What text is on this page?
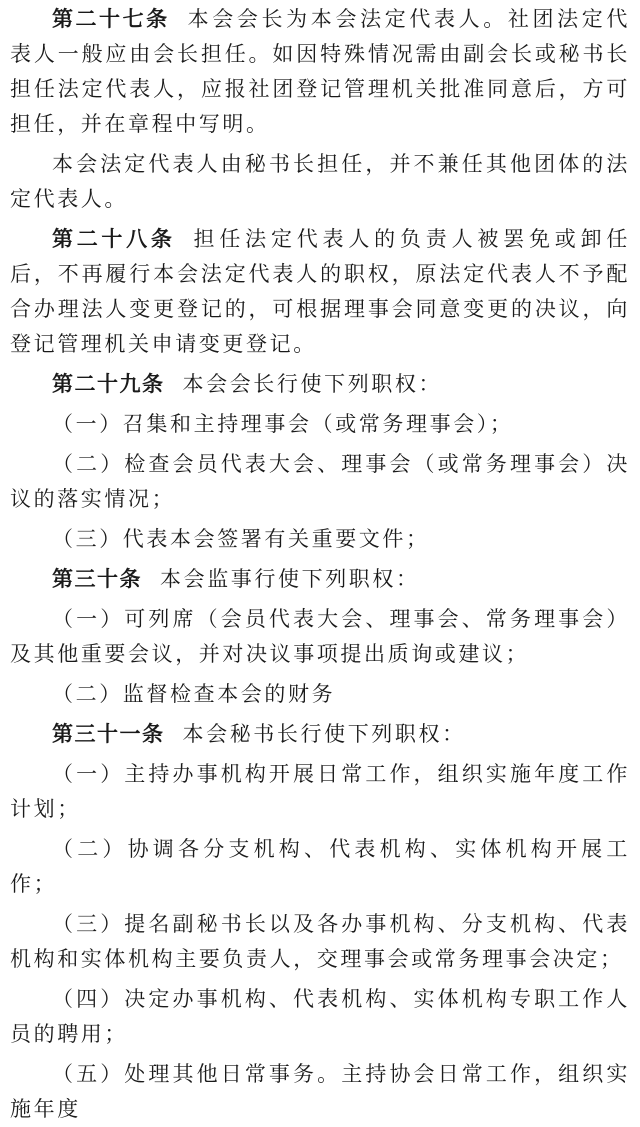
第二十七条 本会会长为本会法定代表人。社团法定代表人一般应由会长担任。如因特殊情况需由副会长或秘书长担任法定代表人，应报社团登记管理机关批准同意后，方可担任，并在章程中写明。

本会法定代表人由秘书长担任，并不兼任其他团体的法定代表人。

第二十八条 担任法定代表人的负责人被罢免或卸任后，不再履行本会法定代表人的职权，原法定代表人不予配合办理法人变更登记的，可根据理事会同意变更的决议，向登记管理机关申请变更登记。

第二十九条 本会会长行使下列职权：

（一）召集和主持理事会（或常务理事会）；

（二）检查会员代表大会、理事会（或常务理事会）决议的落实情况；

（三）代表本会签署有关重要文件；

第三十条 本会监事行使下列职权：

（一）可列席（会员代表大会、理事会、常务理事会）及其他重要会议，并对决议事项提出质询或建议；

（二）监督检查本会的财务

第三十一条 本会秘书长行使下列职权：

（一）主持办事机构开展日常工作，组织实施年度工作计划；

（二）协调各分支机构、代表机构、实体机构开展工作；

（三）提名副秘书长以及各办事机构、分支机构、代表机构和实体机构主要负责人，交理事会或常务理事会决定；

（四）决定办事机构、代表机构、实体机构专职工作人员的聘用；

（五）处理其他日常事务。主持协会日常工作，组织实施年度
